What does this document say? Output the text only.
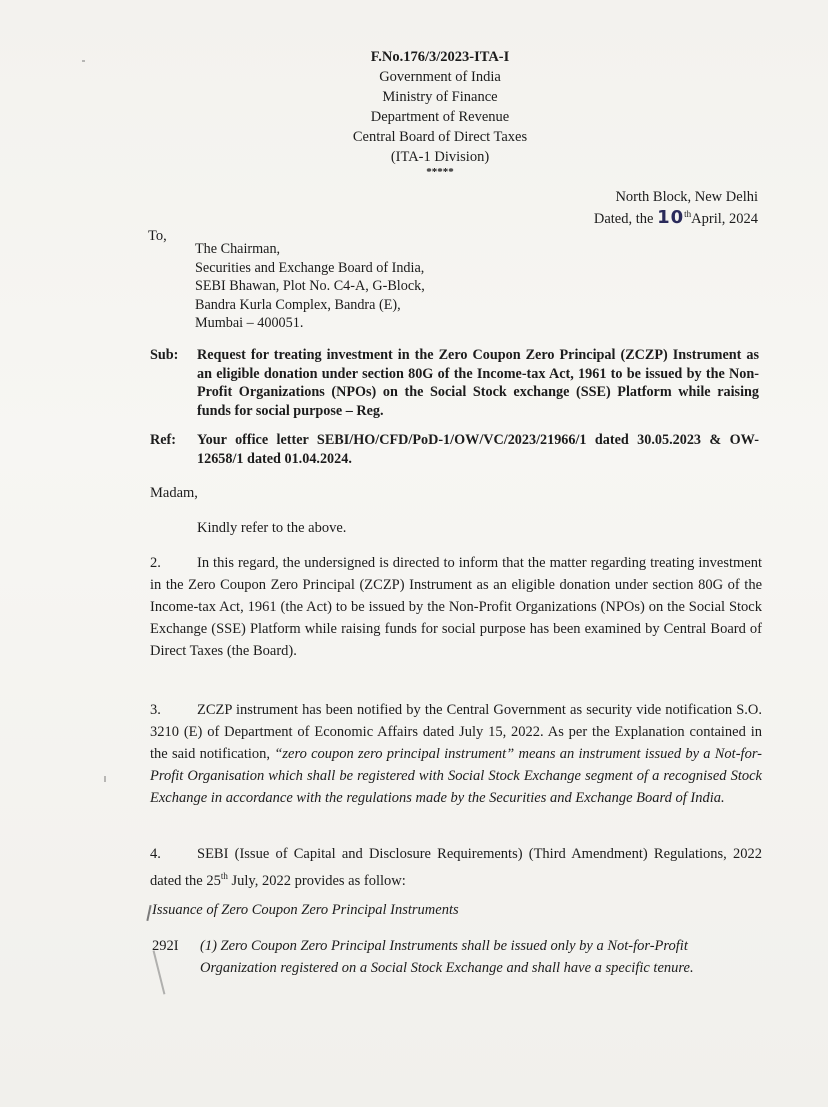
F.No.176/3/2023-ITA-I

Government of India

Ministry of Finance

Department of Revenue

Central Board of Direct Taxes

(ITA-1 Division)

*****

North Block, New Delhi

Dated, the 10thApril, 2024

To,

The Chairman,
Securities and Exchange Board of India,
SEBI Bhawan, Plot No. C4-A, G-Block,
Bandra Kurla Complex, Bandra (E),
Mumbai – 400051.

Sub: Request for treating investment in the Zero Coupon Zero Principal (ZCZP) Instrument as an eligible donation under section 80G of the Income-tax Act, 1961 to be issued by the Non-Profit Organizations (NPOs) on the Social Stock exchange (SSE) Platform while raising funds for social purpose – Reg.

Ref: Your office letter SEBI/HO/CFD/PoD-1/OW/VC/2023/21966/1 dated 30.05.2023 & OW-12658/1 dated 01.04.2024.

Madam,

Kindly refer to the above.

2. In this regard, the undersigned is directed to inform that the matter regarding treating investment in the Zero Coupon Zero Principal (ZCZP) Instrument as an eligible donation under section 80G of the Income-tax Act, 1961 (the Act) to be issued by the Non-Profit Organizations (NPOs) on the Social Stock Exchange (SSE) Platform while raising funds for social purpose has been examined by Central Board of Direct Taxes (the Board).

3. ZCZP instrument has been notified by the Central Government as security vide notification S.O. 3210 (E) of Department of Economic Affairs dated July 15, 2022. As per the Explanation contained in the said notification, “zero coupon zero principal instrument” means an instrument issued by a Not-for-Profit Organisation which shall be registered with Social Stock Exchange segment of a recognised Stock Exchange in accordance with the regulations made by the Securities and Exchange Board of India.

4. SEBI (Issue of Capital and Disclosure Requirements) (Third Amendment) Regulations, 2022 dated the 25th July, 2022 provides as follow:

Issuance of Zero Coupon Zero Principal Instruments

292I (1) Zero Coupon Zero Principal Instruments shall be issued only by a Not-for-Profit Organization registered on a Social Stock Exchange and shall have a specific tenure.
